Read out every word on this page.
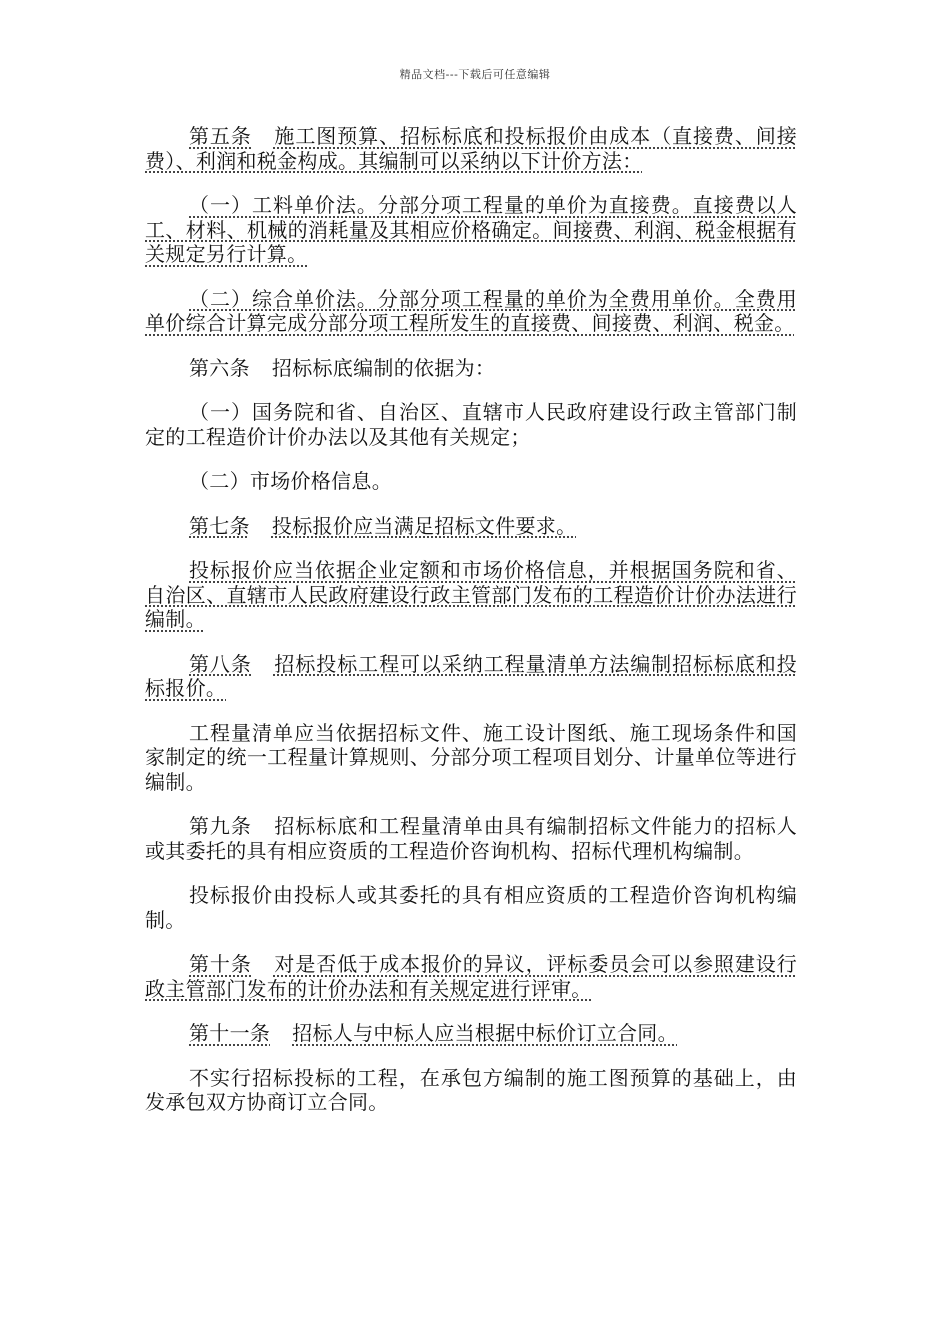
精品文档---下载后可任意编辑

第五条 施工图预算、招标标底和投标报价由成本（直接费、间接费）、利润和税金构成。其编制可以采纳以下计价方法：

（一）工料单价法。分部分项工程量的单价为直接费。直接费以人工、材料、机械的消耗量及其相应价格确定。间接费、利润、税金根据有关规定另行计算。

（二）综合单价法。分部分项工程量的单价为全费用单价。全费用单价综合计算完成分部分项工程所发生的直接费、间接费、利润、税金。

第六条 招标标底编制的依据为：

（一）国务院和省、自治区、直辖市人民政府建设行政主管部门制定的工程造价计价办法以及其他有关规定；

（二）市场价格信息。

第七条 投标报价应当满足招标文件要求。

投标报价应当依据企业定额和市场价格信息，并根据国务院和省、自治区、直辖市人民政府建设行政主管部门发布的工程造价计价办法进行编制。

第八条 招标投标工程可以采纳工程量清单方法编制招标标底和投标报价。

工程量清单应当依据招标文件、施工设计图纸、施工现场条件和国家制定的统一工程量计算规则、分部分项工程项目划分、计量单位等进行编制。

第九条 招标标底和工程量清单由具有编制招标文件能力的招标人或其委托的具有相应资质的工程造价咨询机构、招标代理机构编制。

投标报价由投标人或其委托的具有相应资质的工程造价咨询机构编制。

第十条 对是否低于成本报价的异议，评标委员会可以参照建设行政主管部门发布的计价办法和有关规定进行评审。

第十一条 招标人与中标人应当根据中标价订立合同。

不实行招标投标的工程，在承包方编制的施工图预算的基础上，由发承包双方协商订立合同。
